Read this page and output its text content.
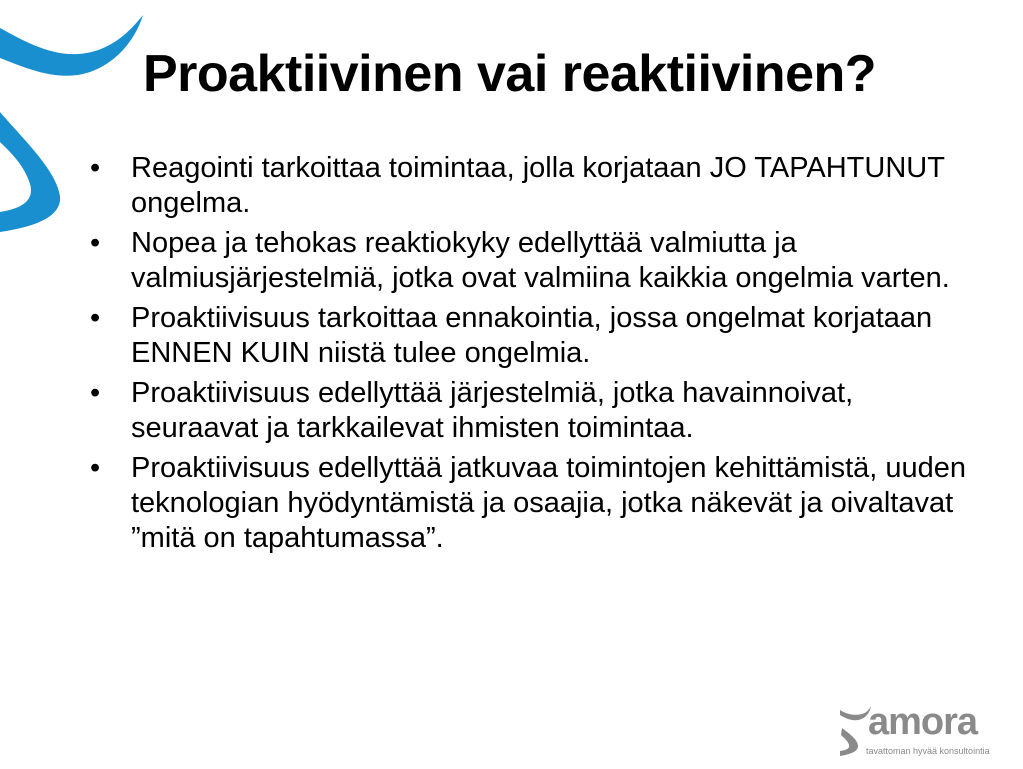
Proaktiivinen vai reaktiivinen?
•	Reagointi tarkoittaa toimintaa, jolla korjataan JO TAPAHTUNUT ongelma.
•	Nopea ja tehokas reaktiokyky edellyttää valmiutta ja valmiusjärjestelmiä, jotka ovat valmiina kaikkia ongelmia varten.
•	Proaktiivisuus tarkoittaa ennakointia, jossa ongelmat korjataan ENNEN KUIN niistä tulee ongelmia.
•	Proaktiivisuus edellyttää järjestelmiä, jotka havainnoivat, seuraavat ja tarkkailevat ihmisten toimintaa.
•	Proaktiivisuus edellyttää jatkuvaa toimintojen kehittämistä, uuden teknologian hyödyntämistä ja osaajia, jotka näkevät ja oivaltavat ”mitä on tapahtumassa”.
amora
tavattoman hyvää konsultointia
